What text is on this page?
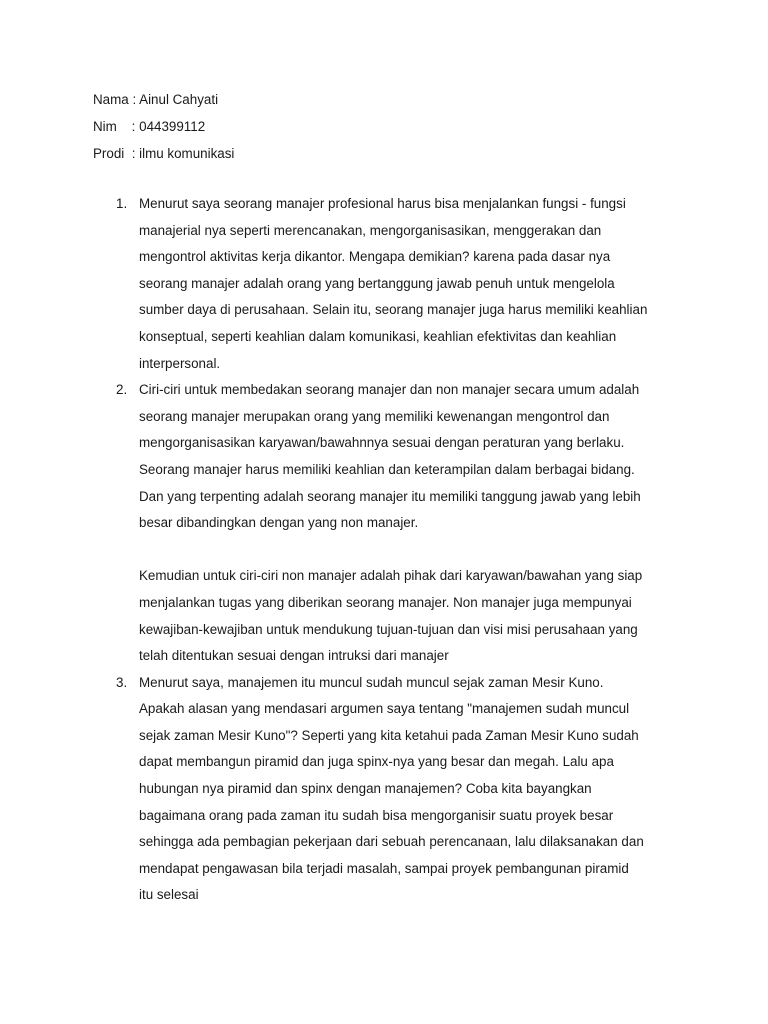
Nama : Ainul Cahyati
Nim    : 044399112
Prodi  : ilmu komunikasi
1. Menurut saya seorang manajer profesional harus bisa menjalankan fungsi - fungsi
manajerial nya seperti merencanakan, mengorganisasikan, menggerakan dan
mengontrol aktivitas kerja dikantor. Mengapa demikian? karena pada dasar nya
seorang manajer adalah orang yang bertanggung jawab penuh untuk mengelola
sumber daya di perusahaan. Selain itu, seorang manajer juga harus memiliki keahlian
konseptual, seperti keahlian dalam komunikasi, keahlian efektivitas dan keahlian
interpersonal.
2. Ciri-ciri untuk membedakan seorang manajer dan non manajer secara umum adalah
seorang manajer merupakan orang yang memiliki kewenangan mengontrol dan
mengorganisasikan karyawan/bawahnnya sesuai dengan peraturan yang berlaku.
Seorang manajer harus memiliki keahlian dan keterampilan dalam berbagai bidang.
Dan yang terpenting adalah seorang manajer itu memiliki tanggung jawab yang lebih
besar dibandingkan dengan yang non manajer.
Kemudian untuk ciri-ciri non manajer adalah pihak dari karyawan/bawahan yang siap
menjalankan tugas yang diberikan seorang manajer. Non manajer juga mempunyai
kewajiban-kewajiban untuk mendukung tujuan-tujuan dan visi misi perusahaan yang
telah ditentukan sesuai dengan intruksi dari manajer
3. Menurut saya, manajemen itu muncul sudah muncul sejak zaman Mesir Kuno.
Apakah alasan yang mendasari argumen saya tentang "manajemen sudah muncul
sejak zaman Mesir Kuno"? Seperti yang kita ketahui pada Zaman Mesir Kuno sudah
dapat membangun piramid dan juga spinx-nya yang besar dan megah. Lalu apa
hubungan nya piramid dan spinx dengan manajemen? Coba kita bayangkan
bagaimana orang pada zaman itu sudah bisa mengorganisir suatu proyek besar
sehingga ada pembagian pekerjaan dari sebuah perencanaan, lalu dilaksanakan dan
mendapat pengawasan bila terjadi masalah, sampai proyek pembangunan piramid
itu selesai
